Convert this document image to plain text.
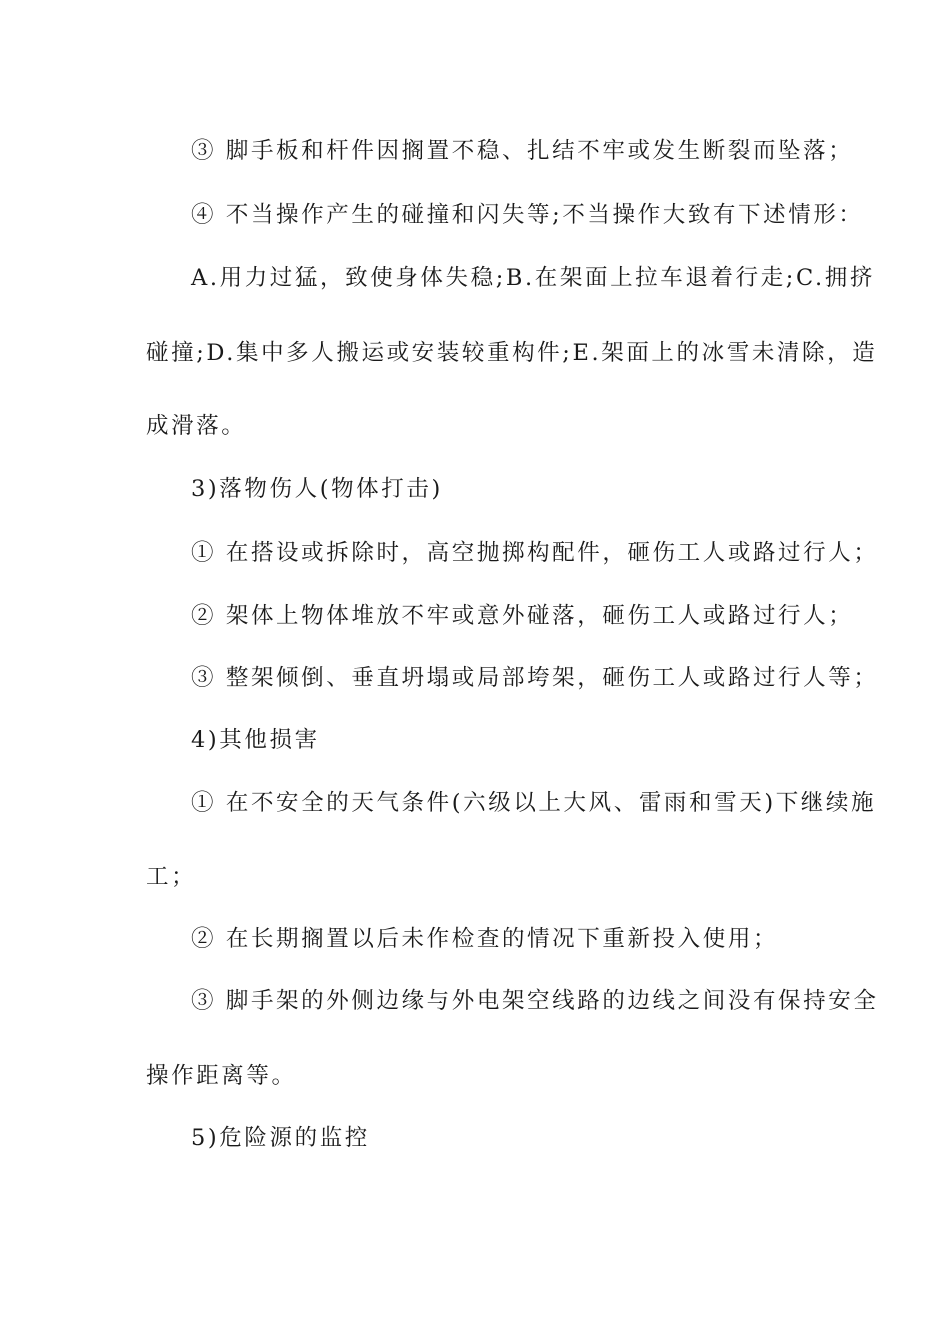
③ 脚手板和杆件因搁置不稳、扎结不牢或发生断裂而坠落；
④ 不当操作产生的碰撞和闪失等;不当操作大致有下述情形：
A.用力过猛，致使身体失稳;B.在架面上拉车退着行走;C.拥挤
碰撞;D.集中多人搬运或安装较重构件;E.架面上的冰雪未清除，造
成滑落。
3)落物伤人(物体打击)
① 在搭设或拆除时，高空抛掷构配件，砸伤工人或路过行人；
② 架体上物体堆放不牢或意外碰落，砸伤工人或路过行人；
③ 整架倾倒、垂直坍塌或局部垮架，砸伤工人或路过行人等；
4)其他损害
① 在不安全的天气条件(六级以上大风、雷雨和雪天)下继续施
工；
② 在长期搁置以后未作检查的情况下重新投入使用；
③ 脚手架的外侧边缘与外电架空线路的边线之间没有保持安全
操作距离等。
5)危险源的监控
